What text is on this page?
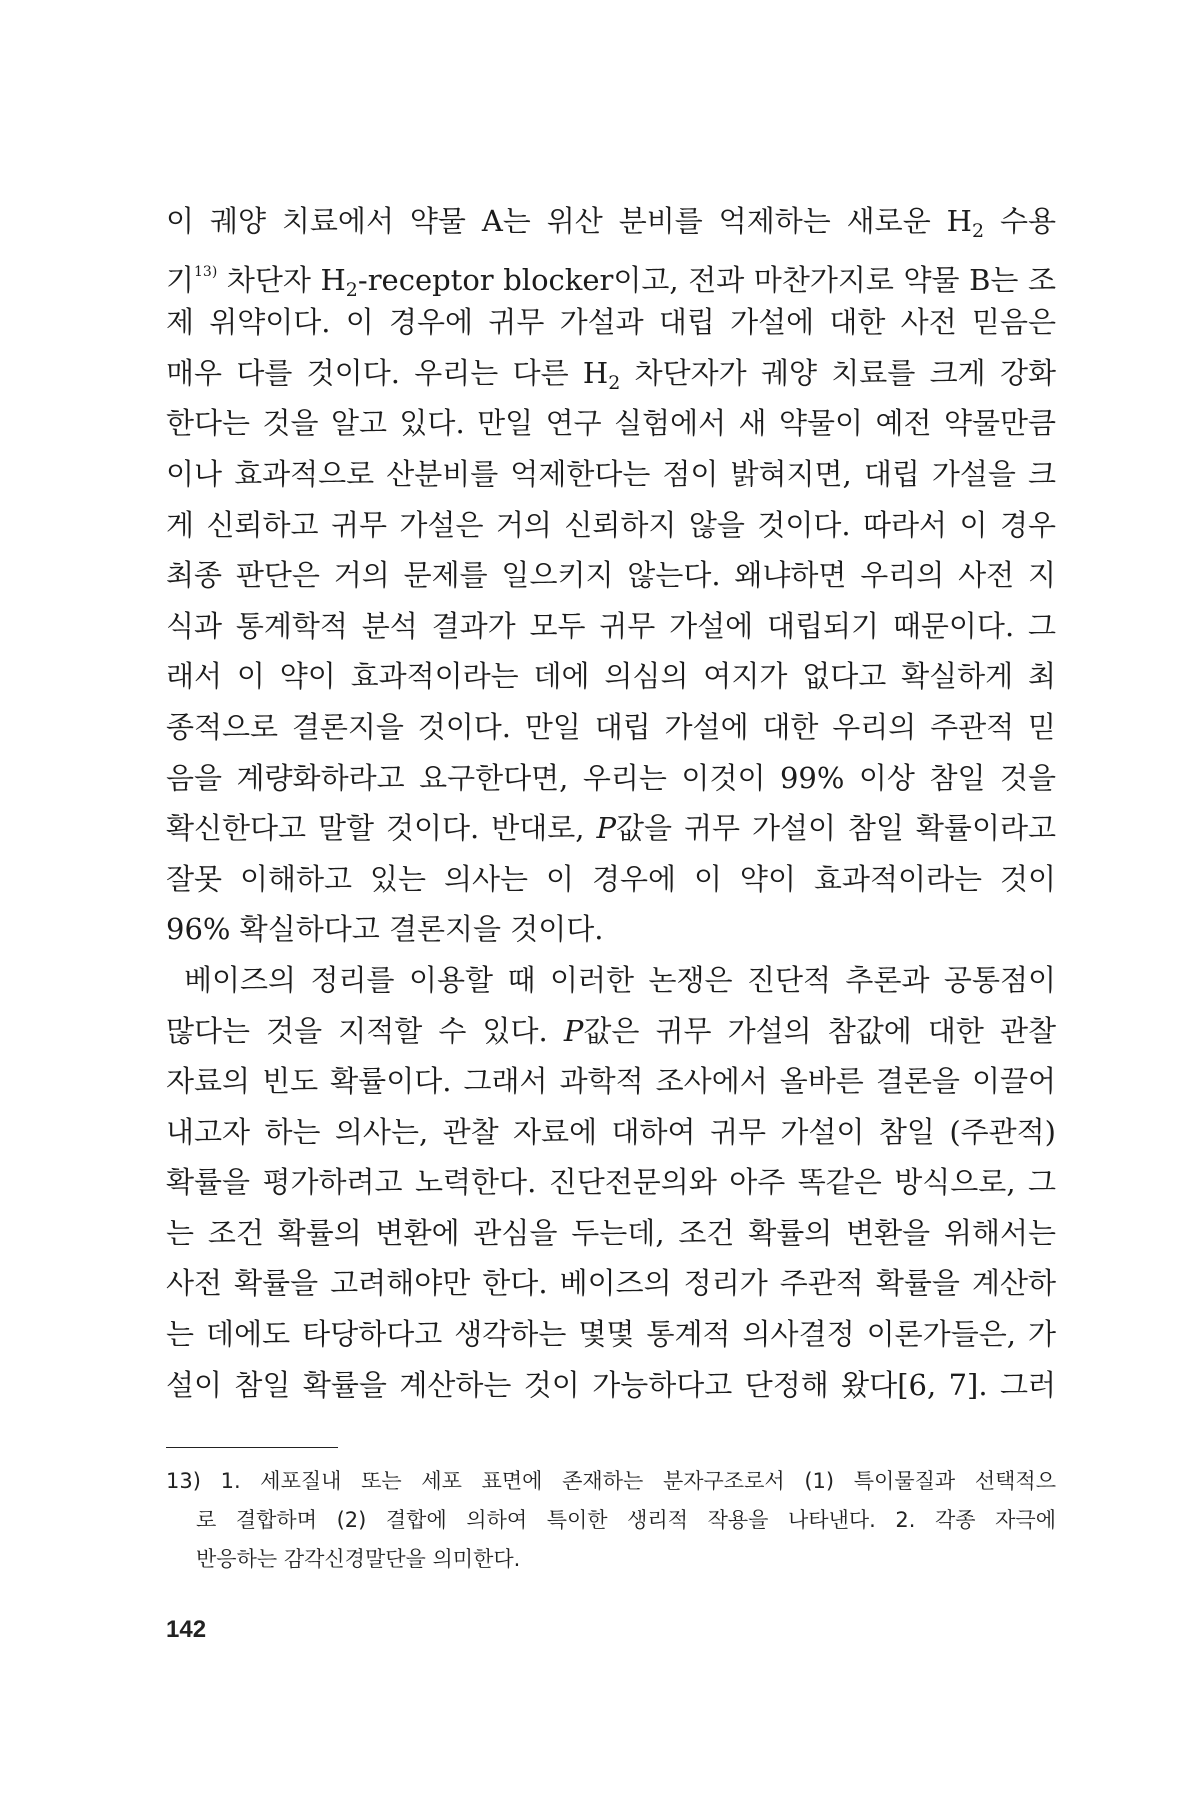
이 궤양 치료에서 약물 A는 위산 분비를 억제하는 새로운 $H_2$ 수용
기$^{13)}$ 차단자 $H_2$-receptor blocker이고, 전과 마찬가지로 약물 B는 조
제 위약이다. 이 경우에 귀무 가설과 대립 가설에 대한 사전 믿음은
매우 다를 것이다. 우리는 다른 $H_2$ 차단자가 궤양 치료를 크게 강화
한다는 것을 알고 있다. 만일 연구 실험에서 새 약물이 예전 약물만큼
이나 효과적으로 산분비를 억제한다는 점이 밝혀지면, 대립 가설을 크
게 신뢰하고 귀무 가설은 거의 신뢰하지 않을 것이다. 따라서 이 경우
최종 판단은 거의 문제를 일으키지 않는다. 왜냐하면 우리의 사전 지
식과 통계학적 분석 결과가 모두 귀무 가설에 대립되기 때문이다. 그
래서 이 약이 효과적이라는 데에 의심의 여지가 없다고 확실하게 최
종적으로 결론지을 것이다. 만일 대립 가설에 대한 우리의 주관적 믿
음을 계량화하라고 요구한다면, 우리는 이것이 99% 이상 참일 것을
확신한다고 말할 것이다. 반대로, P값을 귀무 가설이 참일 확률이라고
잘못 이해하고 있는 의사는 이 경우에 이 약이 효과적이라는 것이
96% 확실하다고 결론지을 것이다.
베이즈의 정리를 이용할 때 이러한 논쟁은 진단적 추론과 공통점이
많다는 것을 지적할 수 있다. P값은 귀무 가설의 참값에 대한 관찰
자료의 빈도 확률이다. 그래서 과학적 조사에서 올바른 결론을 이끌어
내고자 하는 의사는, 관찰 자료에 대하여 귀무 가설이 참일 (주관적)
확률을 평가하려고 노력한다. 진단전문의와 아주 똑같은 방식으로, 그
는 조건 확률의 변환에 관심을 두는데, 조건 확률의 변환을 위해서는
사전 확률을 고려해야만 한다. 베이즈의 정리가 주관적 확률을 계산하
는 데에도 타당하다고 생각하는 몇몇 통계적 의사결정 이론가들은, 가
설이 참일 확률을 계산하는 것이 가능하다고 단정해 왔다[6, 7]. 그러
13) 1. 세포질내 또는 세포 표면에 존재하는 분자구조로서 (1) 특이물질과 선택적으
로 결합하며 (2) 결합에 의하여 특이한 생리적 작용을 나타낸다. 2. 각종 자극에
반응하는 감각신경말단을 의미한다.
142
